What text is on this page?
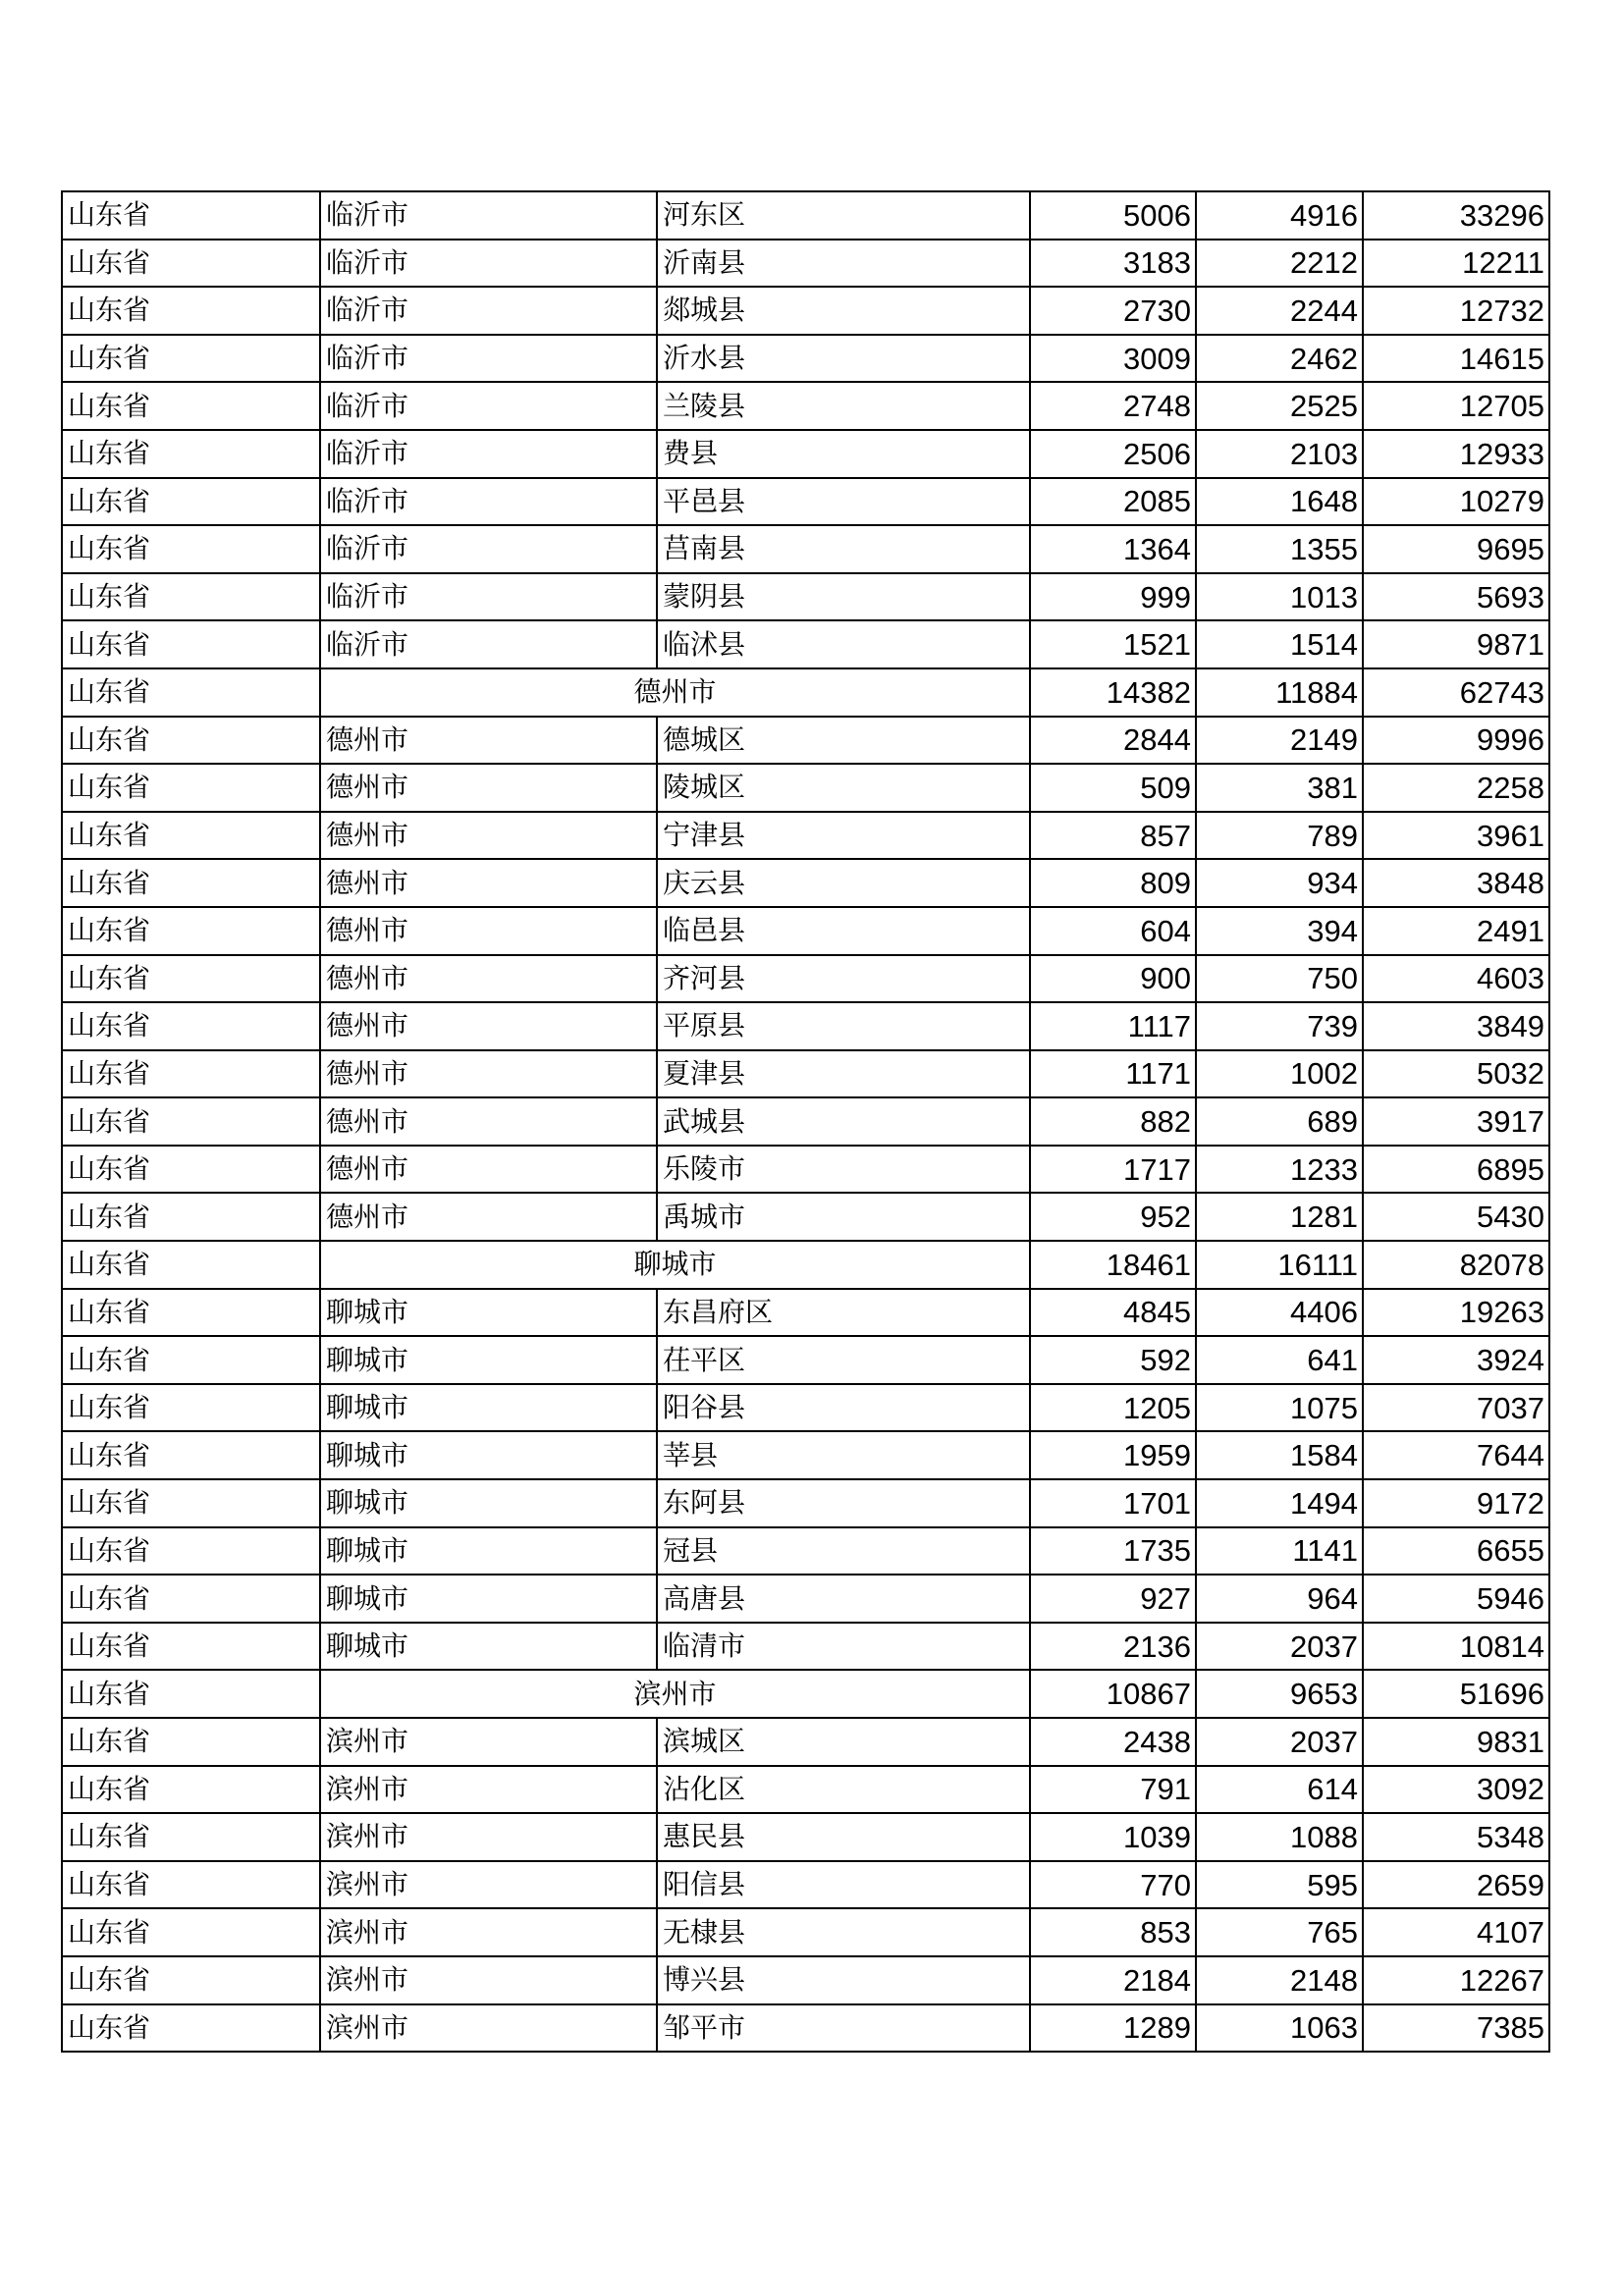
山东省	临沂市	河东区	5006	4916	33296
山东省	临沂市	沂南县	3183	2212	12211
山东省	临沂市	郯城县	2730	2244	12732
山东省	临沂市	沂水县	3009	2462	14615
山东省	临沂市	兰陵县	2748	2525	12705
山东省	临沂市	费县	2506	2103	12933
山东省	临沂市	平邑县	2085	1648	10279
山东省	临沂市	莒南县	1364	1355	9695
山东省	临沂市	蒙阴县	999	1013	5693
山东省	临沂市	临沭县	1521	1514	9871
山东省	德州市		14382	11884	62743
山东省	德州市	德城区	2844	2149	9996
山东省	德州市	陵城区	509	381	2258
山东省	德州市	宁津县	857	789	3961
山东省	德州市	庆云县	809	934	3848
山东省	德州市	临邑县	604	394	2491
山东省	德州市	齐河县	900	750	4603
山东省	德州市	平原县	1117	739	3849
山东省	德州市	夏津县	1171	1002	5032
山东省	德州市	武城县	882	689	3917
山东省	德州市	乐陵市	1717	1233	6895
山东省	德州市	禹城市	952	1281	5430
山东省	聊城市		18461	16111	82078
山东省	聊城市	东昌府区	4845	4406	19263
山东省	聊城市	茌平区	592	641	3924
山东省	聊城市	阳谷县	1205	1075	7037
山东省	聊城市	莘县	1959	1584	7644
山东省	聊城市	东阿县	1701	1494	9172
山东省	聊城市	冠县	1735	1141	6655
山东省	聊城市	高唐县	927	964	5946
山东省	聊城市	临清市	2136	2037	10814
山东省	滨州市		10867	9653	51696
山东省	滨州市	滨城区	2438	2037	9831
山东省	滨州市	沾化区	791	614	3092
山东省	滨州市	惠民县	1039	1088	5348
山东省	滨州市	阳信县	770	595	2659
山东省	滨州市	无棣县	853	765	4107
山东省	滨州市	博兴县	2184	2148	12267
山东省	滨州市	邹平市	1289	1063	7385
